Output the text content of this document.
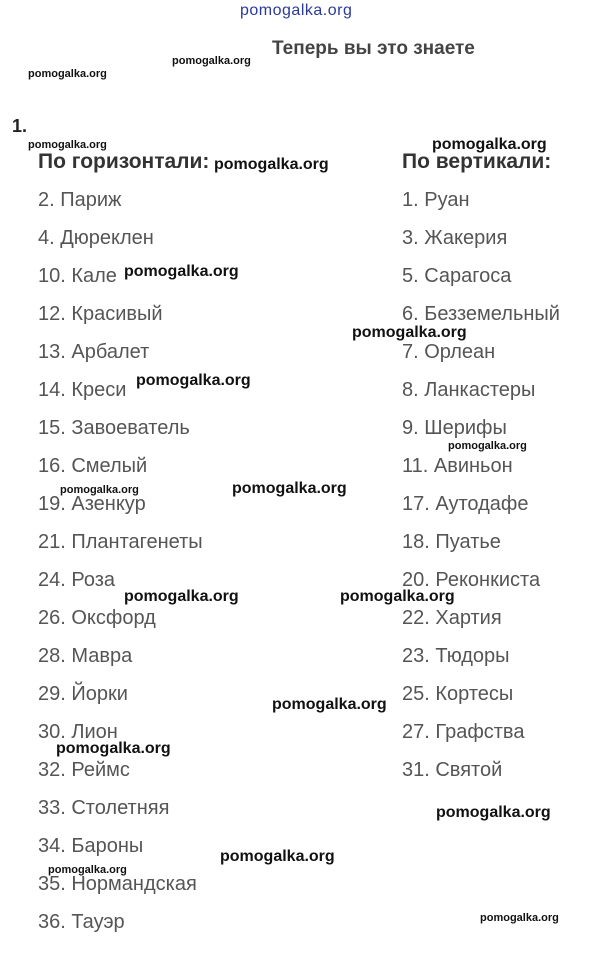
Теперь вы это знаете
1.
По горизонтали:	По вертикали:
2. Париж
4. Дюреклен
10. Кале
12. Красивый
13. Арбалет
14. Креси
15. Завоеватель
16. Смелый
19. Азенкур
21. Плантагенеты
24. Роза
26. Оксфорд
28. Мавра
29. Йорки
30. Лион
32. Реймс
33. Столетняя
34. Бароны
35. Нормандская
36. Тауэр
1. Руан
3. Жакерия
5. Сарагоса
6. Безземельный
7. Орлеан
8. Ланкастеры
9. Шерифы
11. Авиньон
17. Аутодафе
18. Пуатье
20. Реконкиста
22. Хартия
23. Тюдоры
25. Кортесы
27. Графства
31. Святой
pomogalka.org
pomogalka.org
pomogalka.org
pomogalka.org	pomogalka.org
pomogalka.org
pomogalka.org
pomogalka.org
pomogalka.org
pomogalka.org
pomogalka.org	pomogalka.org
pomogalka.org	pomogalka.org
pomogalka.org
pomogalka.org
pomogalka.org
pomogalka.org
pomogalka.org
pomogalka.org
